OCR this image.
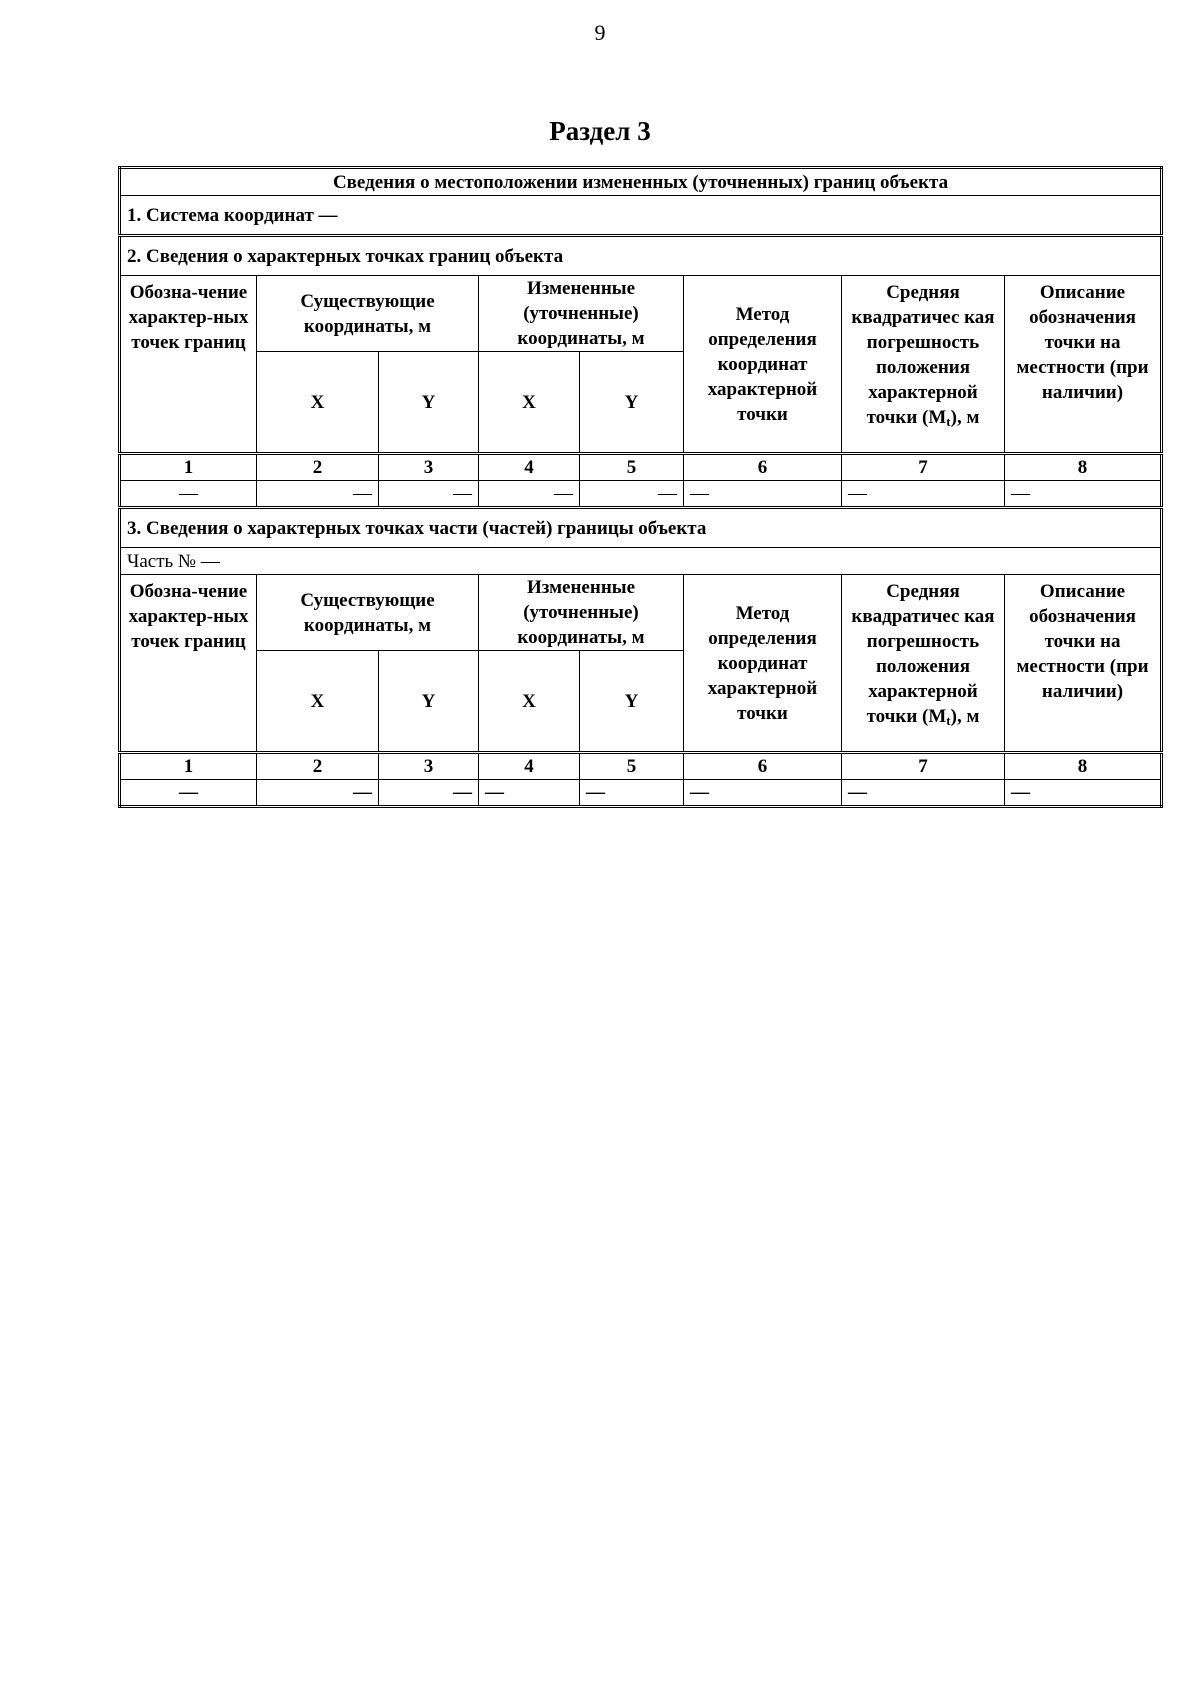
9
Раздел 3
Сведения о местоположении измененных (уточненных) границ объекта							
1. Система координат —							
2. Сведения о характерных точках границ объекта							
Обозна-чение характер-ных точек границ	Существующие координаты, м		Измененные (уточненные) координаты, м		Метод определения координат характерной точки	Средняя квадратичес кая погрешность положения характерной точки $(M_t)$, м	Описание обозначения точки на местности (при наличии)
	X	Y	X	Y			
1	2	3	4	5	6	7	8
—	—	—	—	—	—	—	—
3. Сведения о характерных точках части (частей) границы объекта							
Часть № —							
Обозна-чение характер-ных точек границ	Существующие координаты, м		Измененные (уточненные) координаты, м		Метод определения координат характерной точки	Средняя квадратичес кая погрешность положения характерной точки $(M_t)$, м	Описание обозначения точки на местности (при наличии)
	X	Y	X	Y			
1	2	3	4	5	6	7	8
—	—	—	—	—	—	—	—
